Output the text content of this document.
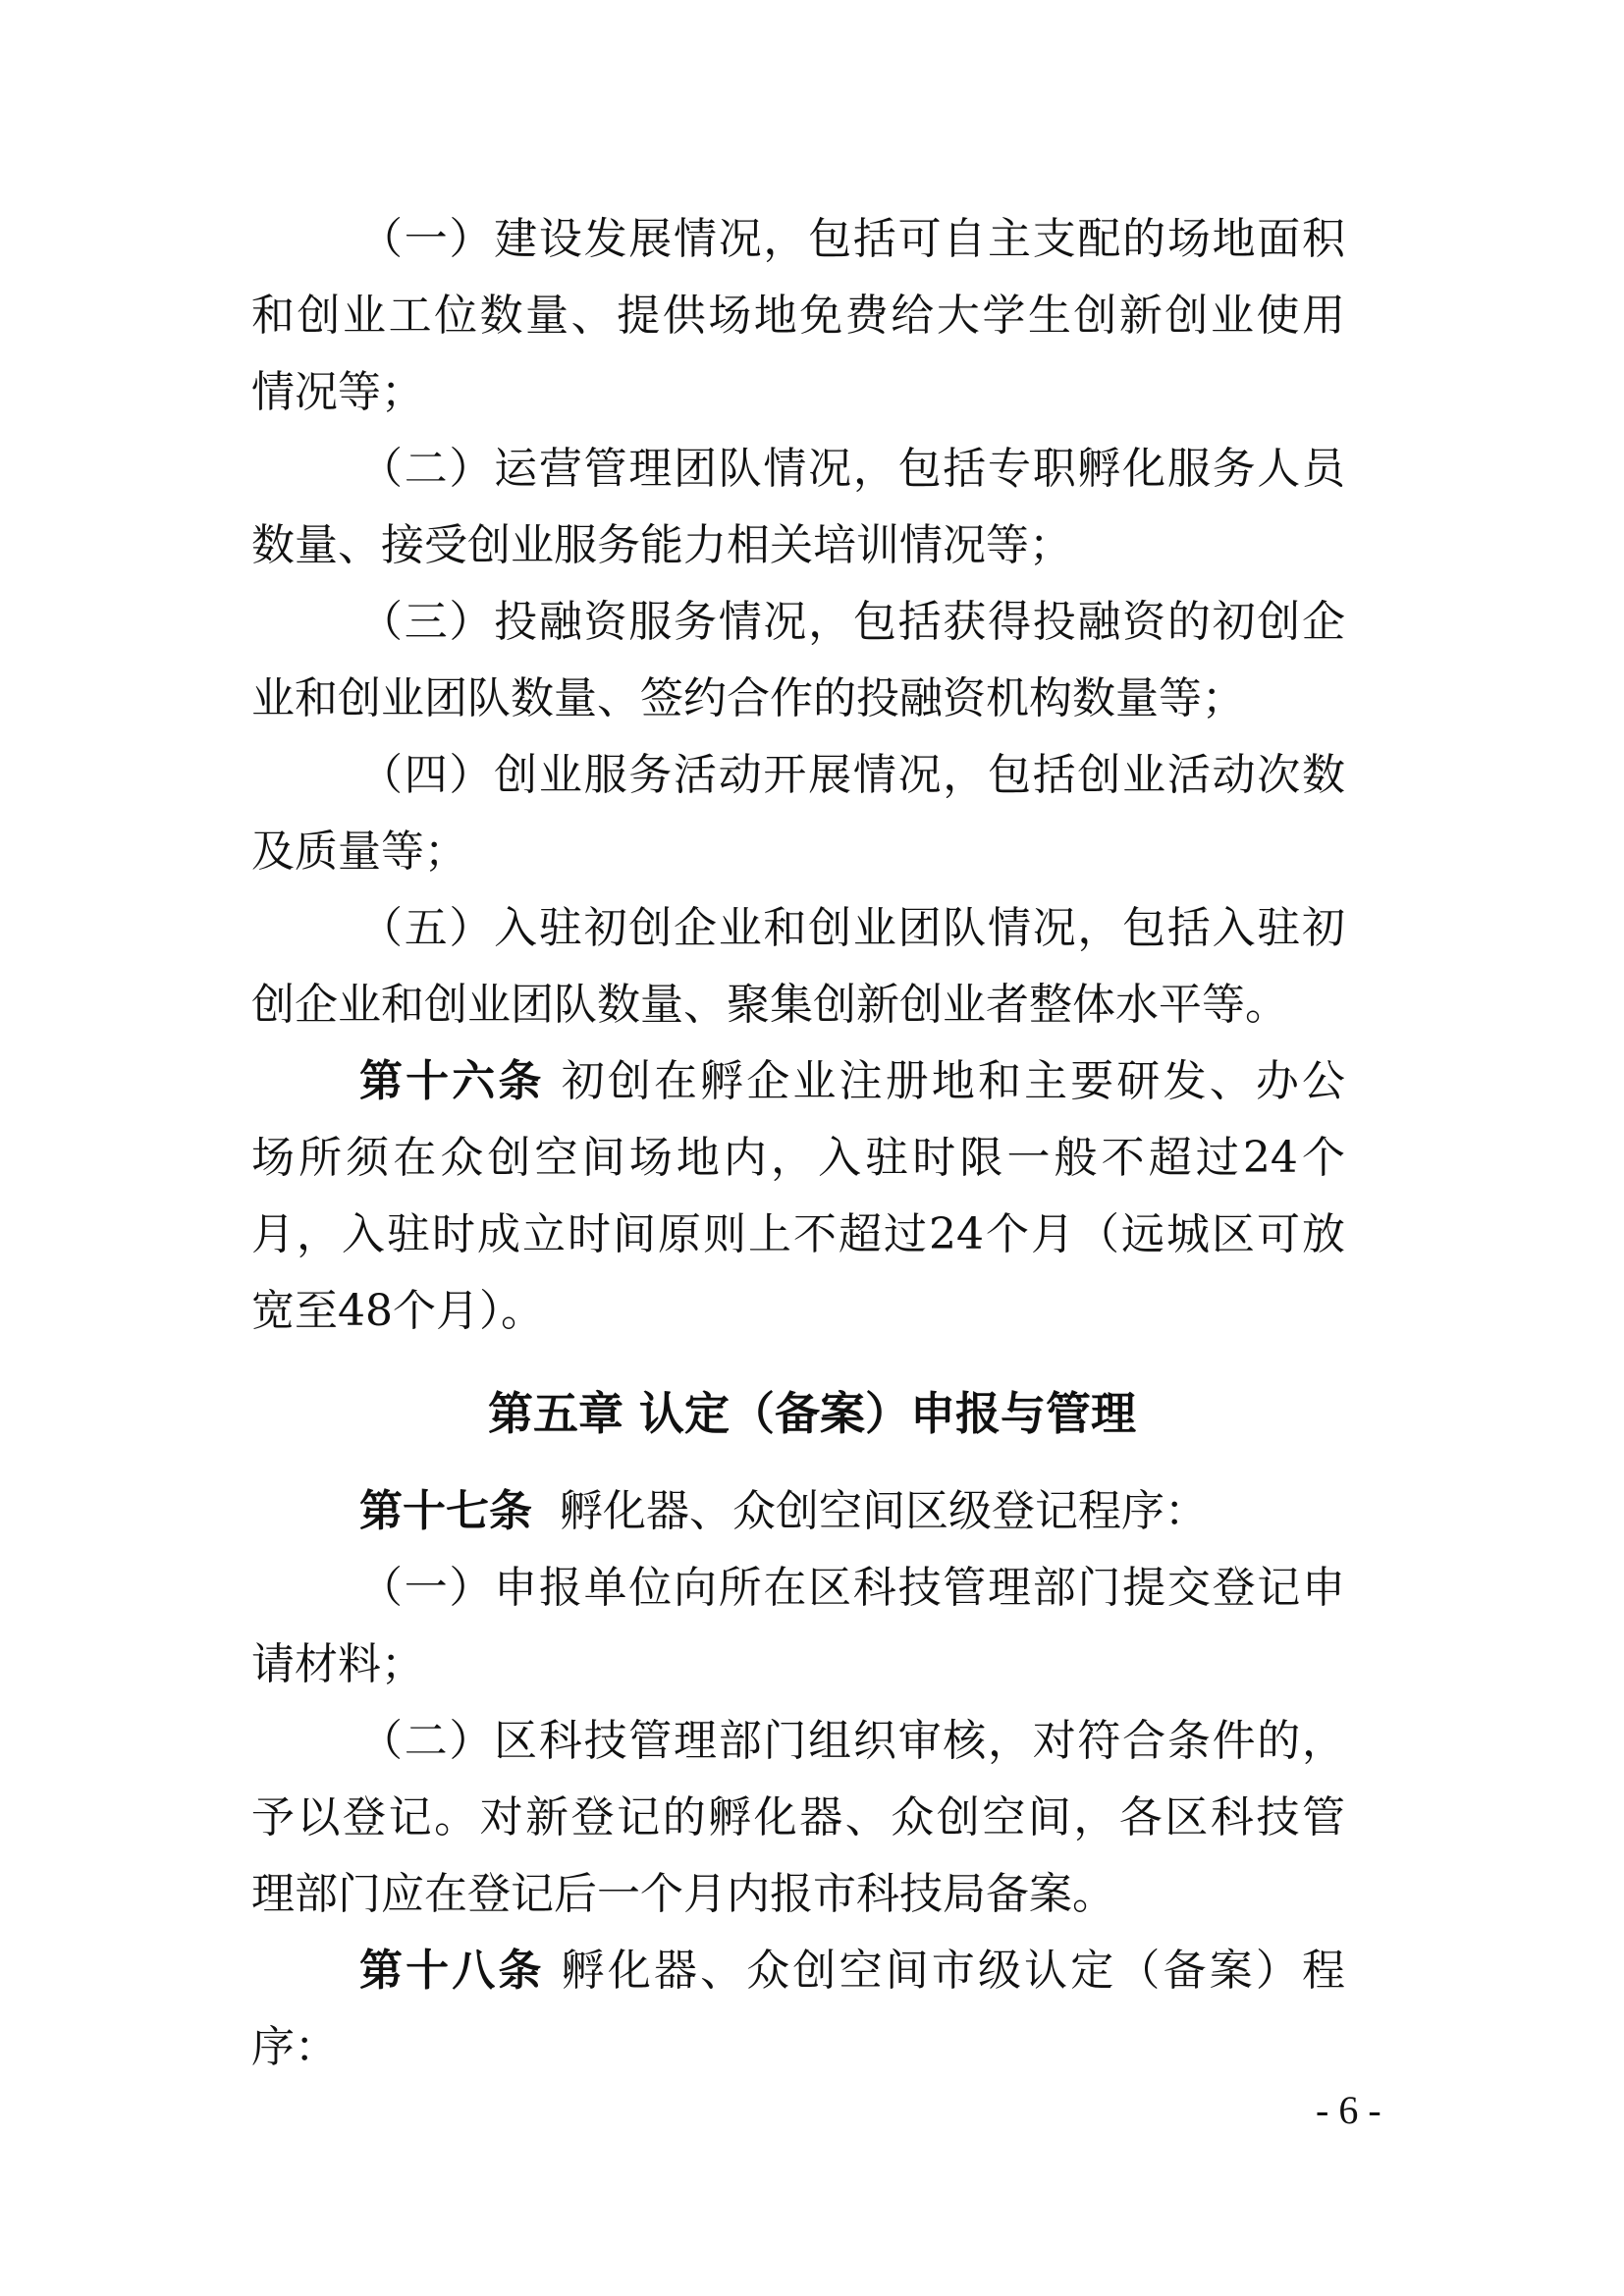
（一）建设发展情况，包括可自主支配的场地面积
和创业工位数量、提供场地免费给大学生创新创业使用
情况等；
（二）运营管理团队情况，包括专职孵化服务人员
数量、接受创业服务能力相关培训情况等；
（三）投融资服务情况，包括获得投融资的初创企
业和创业团队数量、签约合作的投融资机构数量等；
（四）创业服务活动开展情况，包括创业活动次数
及质量等；
（五）入驻初创企业和创业团队情况，包括入驻初
创企业和创业团队数量、聚集创新创业者整体水平等。
第十六条 初创在孵企业注册地和主要研发、办公
场所须在众创空间场地内，入驻时限一般不超过24个
月，入驻时成立时间原则上不超过24个月（远城区可放
宽至48个月）。
第五章 认定（备案）申报与管理
第十七条 孵化器、众创空间区级登记程序：
（一）申报单位向所在区科技管理部门提交登记申
请材料；
（二）区科技管理部门组织审核，对符合条件的，
予以登记。对新登记的孵化器、众创空间，各区科技管
理部门应在登记后一个月内报市科技局备案。
第十八条 孵化器、众创空间市级认定（备案）程
序：
- 6 -
